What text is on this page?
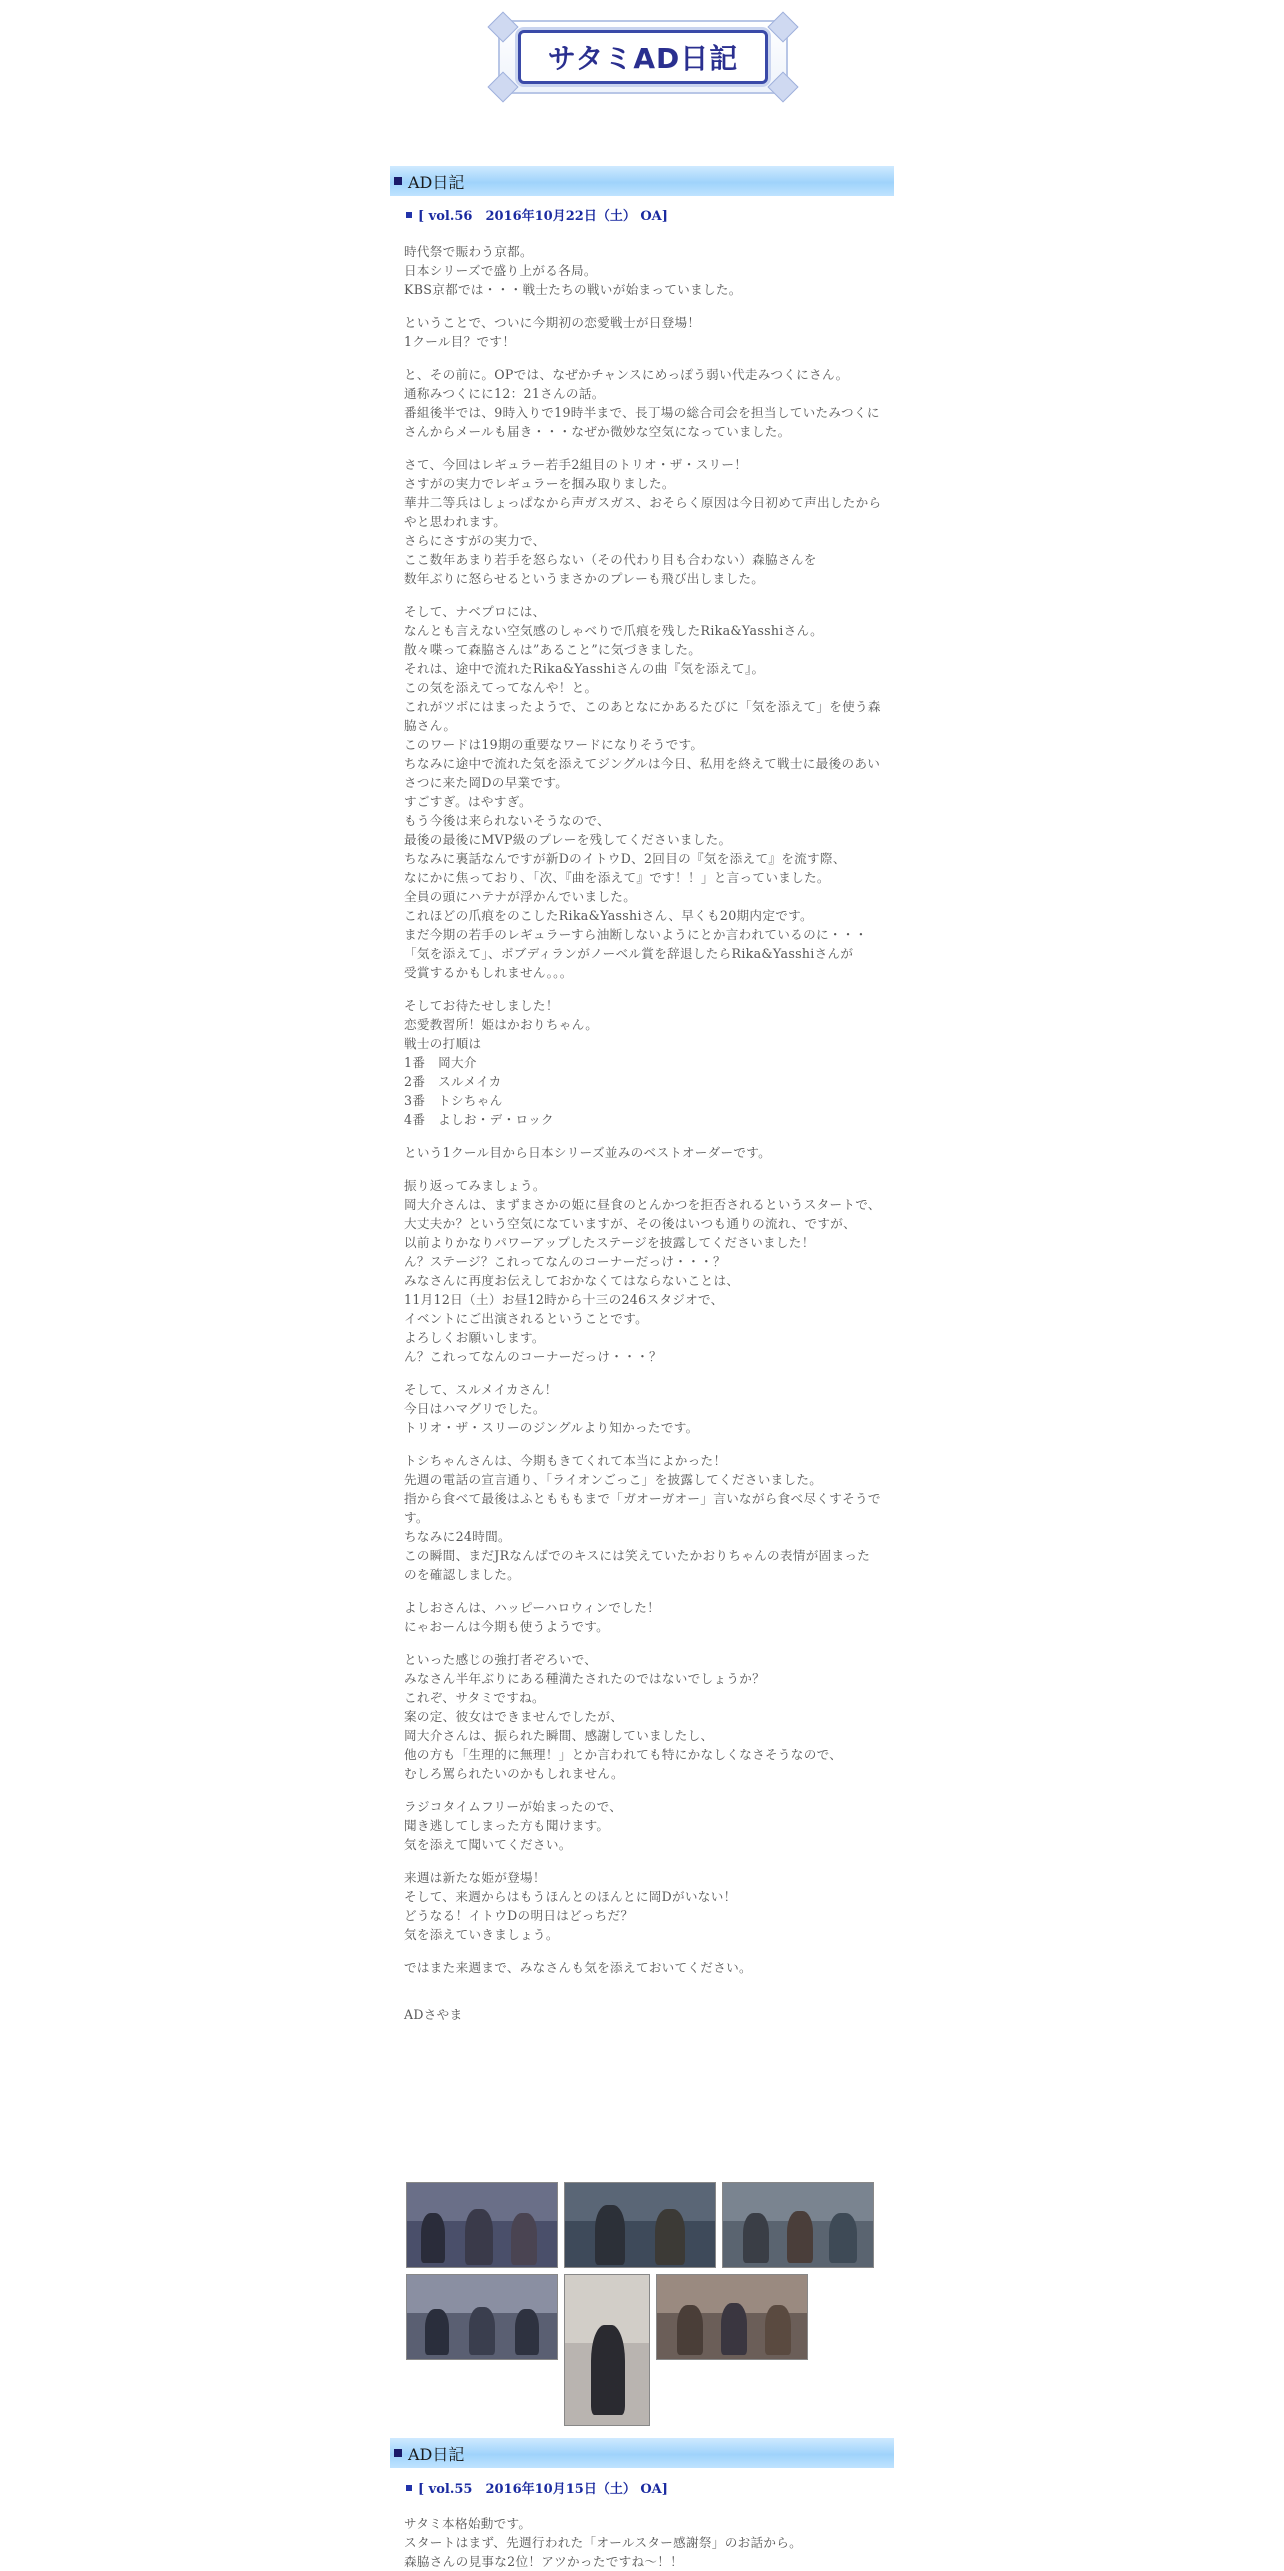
サタミAD日記
AD日記
[ vol.56　2016年10月22日（土） OA]

時代祭で賑わう京都。
日本シリーズで盛り上がる各局。
KBS京都では・・・戦士たちの戦いが始まっていました。

ということで、ついに今期初の恋愛戦士が日登場！
1クール目？です！

と、その前に。OPでは、なぜかチャンスにめっぽう弱い代走みつくにさん。
通称みつくにに12：21さんの話。
番組後半では、9時入りで19時半まで、長丁場の総合司会を担当していたみつくにさんからメールも届き・・・なぜか微妙な空気になっていました。

さて、今回はレギュラー若手2組目のトリオ・ザ・スリー！
さすがの実力でレギュラーを掴み取りました。
華井二等兵はしょっぱなから声ガスガス、おそらく原因は今日初めて声出したからやと思われます。
さらにさすがの実力で、
ここ数年あまり若手を怒らない（その代わり目も合わない）森脇さんを
数年ぶりに怒らせるというまさかのプレーも飛び出しました。

そして、ナベプロには、
なんとも言えない空気感のしゃべりで爪痕を残したRika&Yasshiさん。
散々喋って森脇さんは”あること”に気づきました。
それは、途中で流れたRika&Yasshiさんの曲『気を添えて』。
この気を添えてってなんや！と。
これがツボにはまったようで、このあとなにかあるたびに「気を添えて」を使う森脇さん。
このワードは19期の重要なワードになりそうです。
ちなみに途中で流れた気を添えてジングルは今日、私用を終えて戦士に最後のあいさつに来た岡Dの早業です。
すごすぎ。はやすぎ。
もう今後は来られないそうなので、
最後の最後にMVP級のプレーを残してくださいました。
ちなみに裏話なんですが新DのイトウD、2回目の『気を添えて』を流す際、
なにかに焦っており、「次、『曲を添えて』です！！」と言っていました。
全員の頭にハテナが浮かんでいました。
これほどの爪痕をのこしたRika&Yasshiさん、早くも20期内定です。
まだ今期の若手のレギュラーすら油断しないようにとか言われているのに・・・
「気を添えて」、ボブディランがノーベル賞を辞退したらRika&Yasshiさんが
受賞するかもしれません。。。

そしてお待たせしました！
恋愛教習所！姫はかおりちゃん。
戦士の打順は
1番　岡大介
2番　スルメイカ
3番　トシちゃん
4番　よしお・デ・ロック

という1クール目から日本シリーズ並みのベストオーダーです。

振り返ってみましょう。
岡大介さんは、まずまさかの姫に昼食のとんかつを拒否されるというスタートで、
大丈夫か？という空気になていますが、その後はいつも通りの流れ、ですが、
以前よりかなりパワーアップしたステージを披露してくださいました！
ん？ステージ？これってなんのコーナーだっけ・・・？
みなさんに再度お伝えしておかなくてはならないことは、
11月12日（土）お昼12時から十三の246スタジオで、
イベントにご出演されるということです。
よろしくお願いします。
ん？これってなんのコーナーだっけ・・・？

そして、スルメイカさん！
今日はハマグリでした。
トリオ・ザ・スリーのジングルより知かったです。

トシちゃんさんは、今期もきてくれて本当によかった！
先週の電話の宣言通り、「ライオンごっこ」を披露してくださいました。
指から食べて最後はふともももまで「ガオーガオー」言いながら食べ尽くすそうです。
ちなみに24時間。
この瞬間、まだJRなんばでのキスには笑えていたかおりちゃんの表情が固まったのを確認しました。

よしおさんは、ハッピーハロウィンでした！
にゃおーんは今期も使うようです。

といった感じの強打者ぞろいで、
みなさん半年ぶりにある種満たされたのではないでしょうか？
これぞ、サタミですね。
案の定、彼女はできませんでしたが、
岡大介さんは、振られた瞬間、感謝していましたし、
他の方も「生理的に無理！」とか言われても特にかなしくなさそうなので、
むしろ罵られたいのかもしれません。

ラジコタイムフリーが始まったので、
聞き逃してしまった方も聞けます。
気を添えて聞いてください。

来週は新たな姫が登場！
そして、来週からはもうほんとのほんとに岡Dがいない！
どうなる！イトウDの明日はどっちだ？
気を添えていきましょう。

ではまた来週まで、みなさんも気を添えておいてください。

ADさやま

AD日記
[ vol.55　2016年10月15日（土） OA]
サタミ本格始動です。
スタートはまず、先週行われた「オールスター感謝祭」のお話から。
森脇さんの見事な2位！アツかったですね〜！！
